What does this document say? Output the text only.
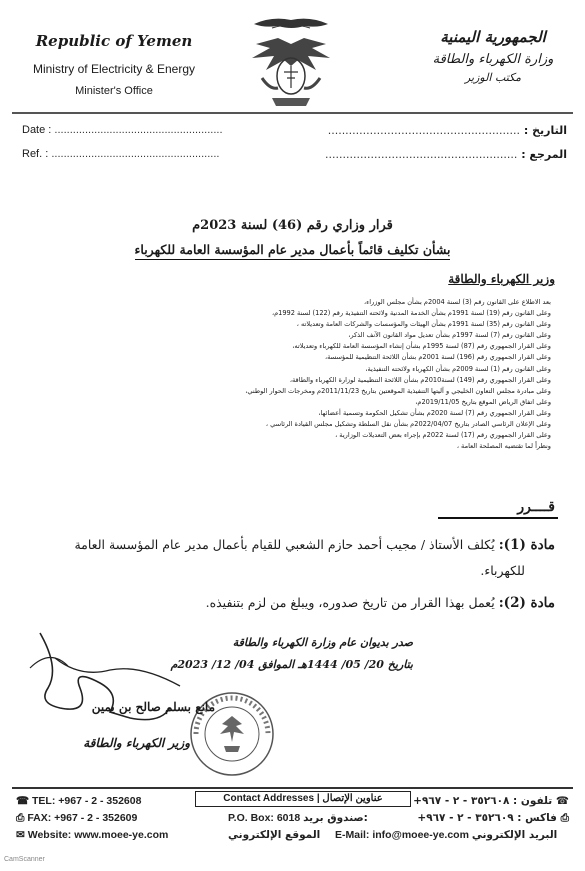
Republic of Yemen
Ministry of Electricity & Energy
Minister's Office
الجمهورية اليمنية
وزارة الكهرباء والطاقة
مكتب الوزير
Date : .......................................................
Ref. : .......................................................
التاريخ : .......................................................
المرجع : .......................................................
قرار وزاري رقم (46) لسنة 2023م
بشأن تكليف قائماً بأعمال مدير عام المؤسسة العامة للكهرباء
وزير الكهرباء والطاقة
بعد الاطلاع على القانون رقم (3) لسنة 2004م بشأن مجلس الوزراء،
وعلى القانون رقم (19) لسنة 1991م بشأن الخدمة المدنية ولائحته التنفيذية رقم (122) لسنة 1992م،
وعلى القانون رقم (35) لسنة 1991م بشأن الهيئات والمؤسسات والشركات العامة وتعديلاته ،
وعلى القانون رقم (7) لسنة 1997م بشأن تعديل مواد القانون الآنف الذكر،
وعلى القرار الجمهوري رقم (87) لسنة 1995م بشأن إنشاء المؤسسة العامة للكهرباء وتعديلاته،
وعلى القرار الجمهوري رقم (196) لسنة 2001م بشأن اللائحة التنظيمية للمؤسسة،
وعلى القانون رقم (1) لسنة 2009م بشأن الكهرباء ولائحته التنفيذية،
وعلى القرار الجمهوري رقم (149) لسنة2010م بشأن اللائحة التنظيمية لوزارة الكهرباء والطاقة،
وعلى مبادرة مجلس التعاون الخليجي و آليتها التنفيذية الموقعتين بتاريخ 2011/11/23م ومخرجات الحوار الوطني،
وعلى اتفاق الرياض الموقع بتاريخ 2019/11/05م،
وعلى القرار الجمهوري رقم (7) لسنة 2020م بشأن تشكيل الحكومة وتسمية أعضائها،
وعلى الإعلان الرئاسي الصادر بتاريخ 2022/04/07م بشأن نقل السلطة وتشكيل مجلس القيادة الرئاسي ،
وعلى القرار الجمهوري رقم (17) لسنة 2022م بإجراء بعض التعديلات الوزارية ،
ونظراً لما تقتضيه المصلحة العامة ،
قــــرر
مادة (1): يُكلف الأستاذ / مجيب أحمد حازم الشعبي للقيام بأعمال مدير عام المؤسسة العامة
للكهرباء.
مادة (2): يُعمل بهذا القرار من تاريخ صدوره، ويبلغ من لزم بتنفيذه.
صدر بديوان عام وزارة الكهرباء والطاقة
بتاريخ 20/ 05/ 1444هـ الموافق 04/ 12/ 2023م
مانع بسلم صالح بن يمين
وزير الكهرباء والطاقة
☎ TEL: +967 - 2 - 352608
⎙ FAX: +967 - 2 - 352609
✉ Website: www.moee-ye.com
Contact Addresses | عناوين الإتصال
P.O. Box: 6018 صندوق بريد:
الموقع الإلكتروني
☎ تلفون : ٣٥٢٦٠٨ - ٢ - ٩٦٧+
⎙ فاكس : ٣٥٢٦٠٩ - ٢ - ٩٦٧+
E-Mail: info@moee-ye.com البريد الإلكتروني
CamScanner
